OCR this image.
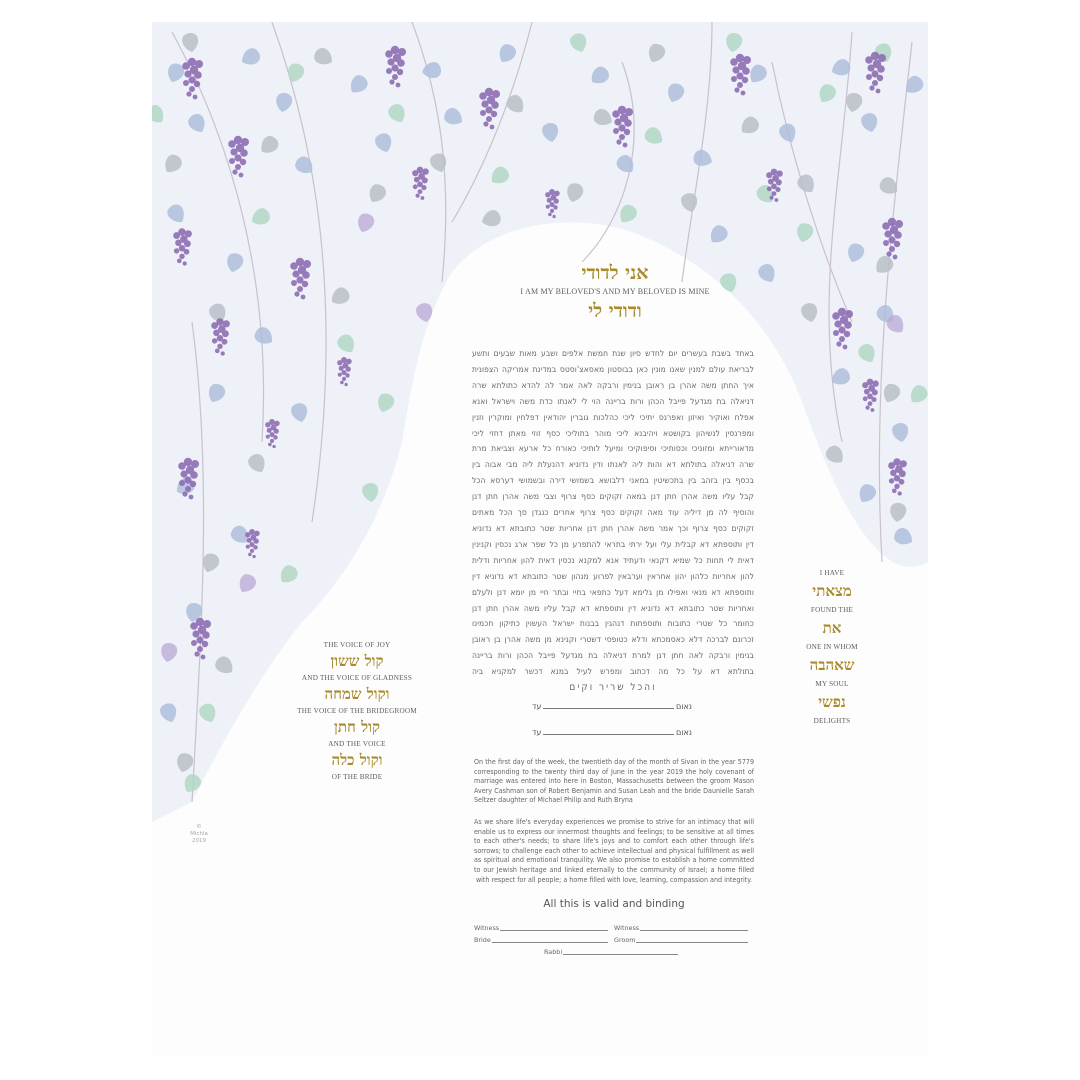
אני לדודי
I AM MY BELOVED'S AND MY BELOVED IS MINE
ודודי לי
באחד בשבת בעשרים יום לחדש סיון שנת חמשת אלפים ושבע מאות שבעים ותשע
לבריאת עולם למנין שאנו מונין כאן בבוסטון מאסאצ'וסטס במדינת אמריקה הצפונית
איך החתן משה אהרן בן ראובן בנימין ורבקה לאה אמר לה להדא כתולתא שרה
דניאלה בת מגדעל פייבל הכהן ורות בריינה הוי לי לאנתו כדת משה וישראל ואנא
אפלח ואוקיר ואיזון ואפרנס יתיכי ליכי כהלכות גוברין יהודאין דפלחין ומוקרין וזנין
ומפרנסין לנשיהון בקושטא ויהיבנא ליכי מוהר בתוליכי כסף זוזי מאתן דחזי ליכי
מדאורייתא ומזוניכי וכסותיכי וסיפוקיכי ומיעל לותיכי כאורח כל ארעא וצביאת מרת
שרה דניאלה בתולתא דא והות ליה לאנתו ודין נדוניא דהנעלת ליה מבי אבוה בין
בכסף בין בזהב בין בתכשיטין במאני דלבושא בשמושי דירה ובשמושי דערסא הכל
קבל עליו משה אהרן חתן דנן במאה זקוקים כסף צרוף וצבי משה אהרן חתן דנן
והוסיף לה מן דיליה עוד מאה זקוקים כסף צרוף אחרים כנגדן סך הכל מאתים
זקוקים כסף צרוף וכך אמר משה אהרן חתן דנן אחריות שטר כתובתא דא נדוניא
דין ותוספתא דא קבלית עלי ועל ירתי בתראי להתפרע מן כל שפר ארג נכסין וקנינין
דאית לי תחות כל שמיא דקנאי ודעתיד אנא למקנא נכסין דאית להון אחריות ודלית
להון אחריות כלהון יהון אחראין וערבאין לפרוע מנהון שטר כתובתא דא נדוניא דין
ותוספתא דא מנאי ואפילו מן גלימא דעל כתפאי בחיי ובתר חיי מן יומא דנן ולעלם
ואחריות שטר כתובתא דא נדוניא דין ותוספתא דא קבל עליו משה אהרן חתן דנן
כחומר כל שטרי כתובות ותוספתות דנהגין בבנות ישראל העשוין כתיקון חכמינו
זכרונם לברכה דלא כאסמכתא ודלא כטופסי דשטרי וקנינא מן משה אהרן בן ראובן
בנימין ורבקה לאה חתן דנן למרת דניאלה בת מגדעל פייבל הכהן ורות בריינה
בתולתא דא על כל מה דכתוב ומפרש לעיל במנא דכשר למקניא ביה
והכל שריר וקים
נאום
עד
נאום
עד
On the first day of the week, the twentieth day of the month of Sivan in the year 5779 corresponding to the twenty third day of June in the year 2019 the holy covenant of marriage was entered into here in Boston, Massachusetts between the groom Mason Avery Cashman son of Robert Benjamin and Susan Leah and the bride Daunielle Sarah Seltzer daughter of Michael Philip and Ruth Bryna
As we share life's everyday experiences we promise to strive for an intimacy that will enable us to express our innermost thoughts and feelings; to be sensitive at all times to each other's needs; to share life's joys and to comfort each other through life's sorrows; to challenge each other to achieve intellectual and physical fulfillment as well as spiritual and emotional tranquility. We also promise to establish a home committed to our Jewish heritage and linked eternally to the community of Israel; a home filled with respect for all people; a home filled with love, learning, compassion and integrity.
All this is valid and binding
Witness	Witness
Bride	Groom
Rabbi
THE VOICE OF JOY
קול ששון
AND THE VOICE OF GLADNESS
וקול שמחה
THE VOICE OF THE BRIDEGROOM
קול חתן
AND THE VOICE
וקול כלה
OF THE BRIDE
I HAVE
מצאתי
FOUND THE
את
ONE IN WHOM
שאהבה
MY SOUL
נפשי
DELIGHTS
©
Michla
2019
